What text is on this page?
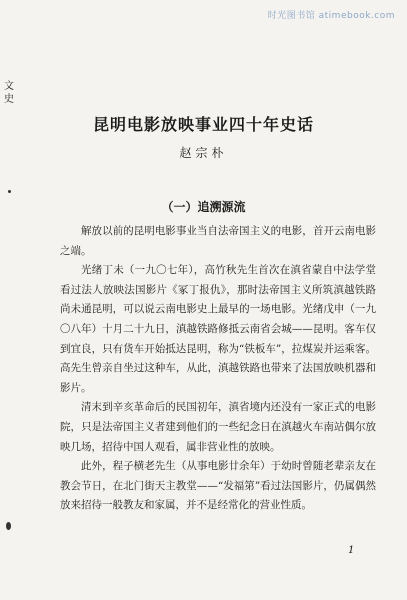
时光图书馆 atimebook.com
文史
昆明电影放映事业四十年史话
赵宗朴
（一）追溯源流

解放以前的昆明电影事业当自法帝国主义的电影，首开云南电影之端。

光绪丁未（一九〇七年），高竹秋先生首次在滇省蒙自中法学堂看过法人放映法国影片《冢丁报仇》，那时法帝国主义所筑滇越铁路尚未通昆明，可以说云南电影史上最早的一场电影。光绪戊申（一九〇八年）十月二十九日，滇越铁路修抵云南省会城——昆明。客车仅到宜良，只有货车开始抵达昆明，称为“铁板车”，拉煤炭并运乘客。高先生曾亲自坐过这种车，从此，滇越铁路也带来了法国放映机器和影片。

清末到辛亥革命后的民国初年，滇省境内还没有一家正式的电影院，只是法帝国主义者建到他们的一些纪念日在滇越火车南站偶尔放映几场，招待中国人观看，属非营业性的放映。

此外，程子横老先生（从事电影廿余年）于幼时曾随老辈亲友在教会节日，在北门街天主教堂——“发福第”看过法国影片，仍属偶然放来招待一般教友和家属，并不是经常化的营业性质。

1
